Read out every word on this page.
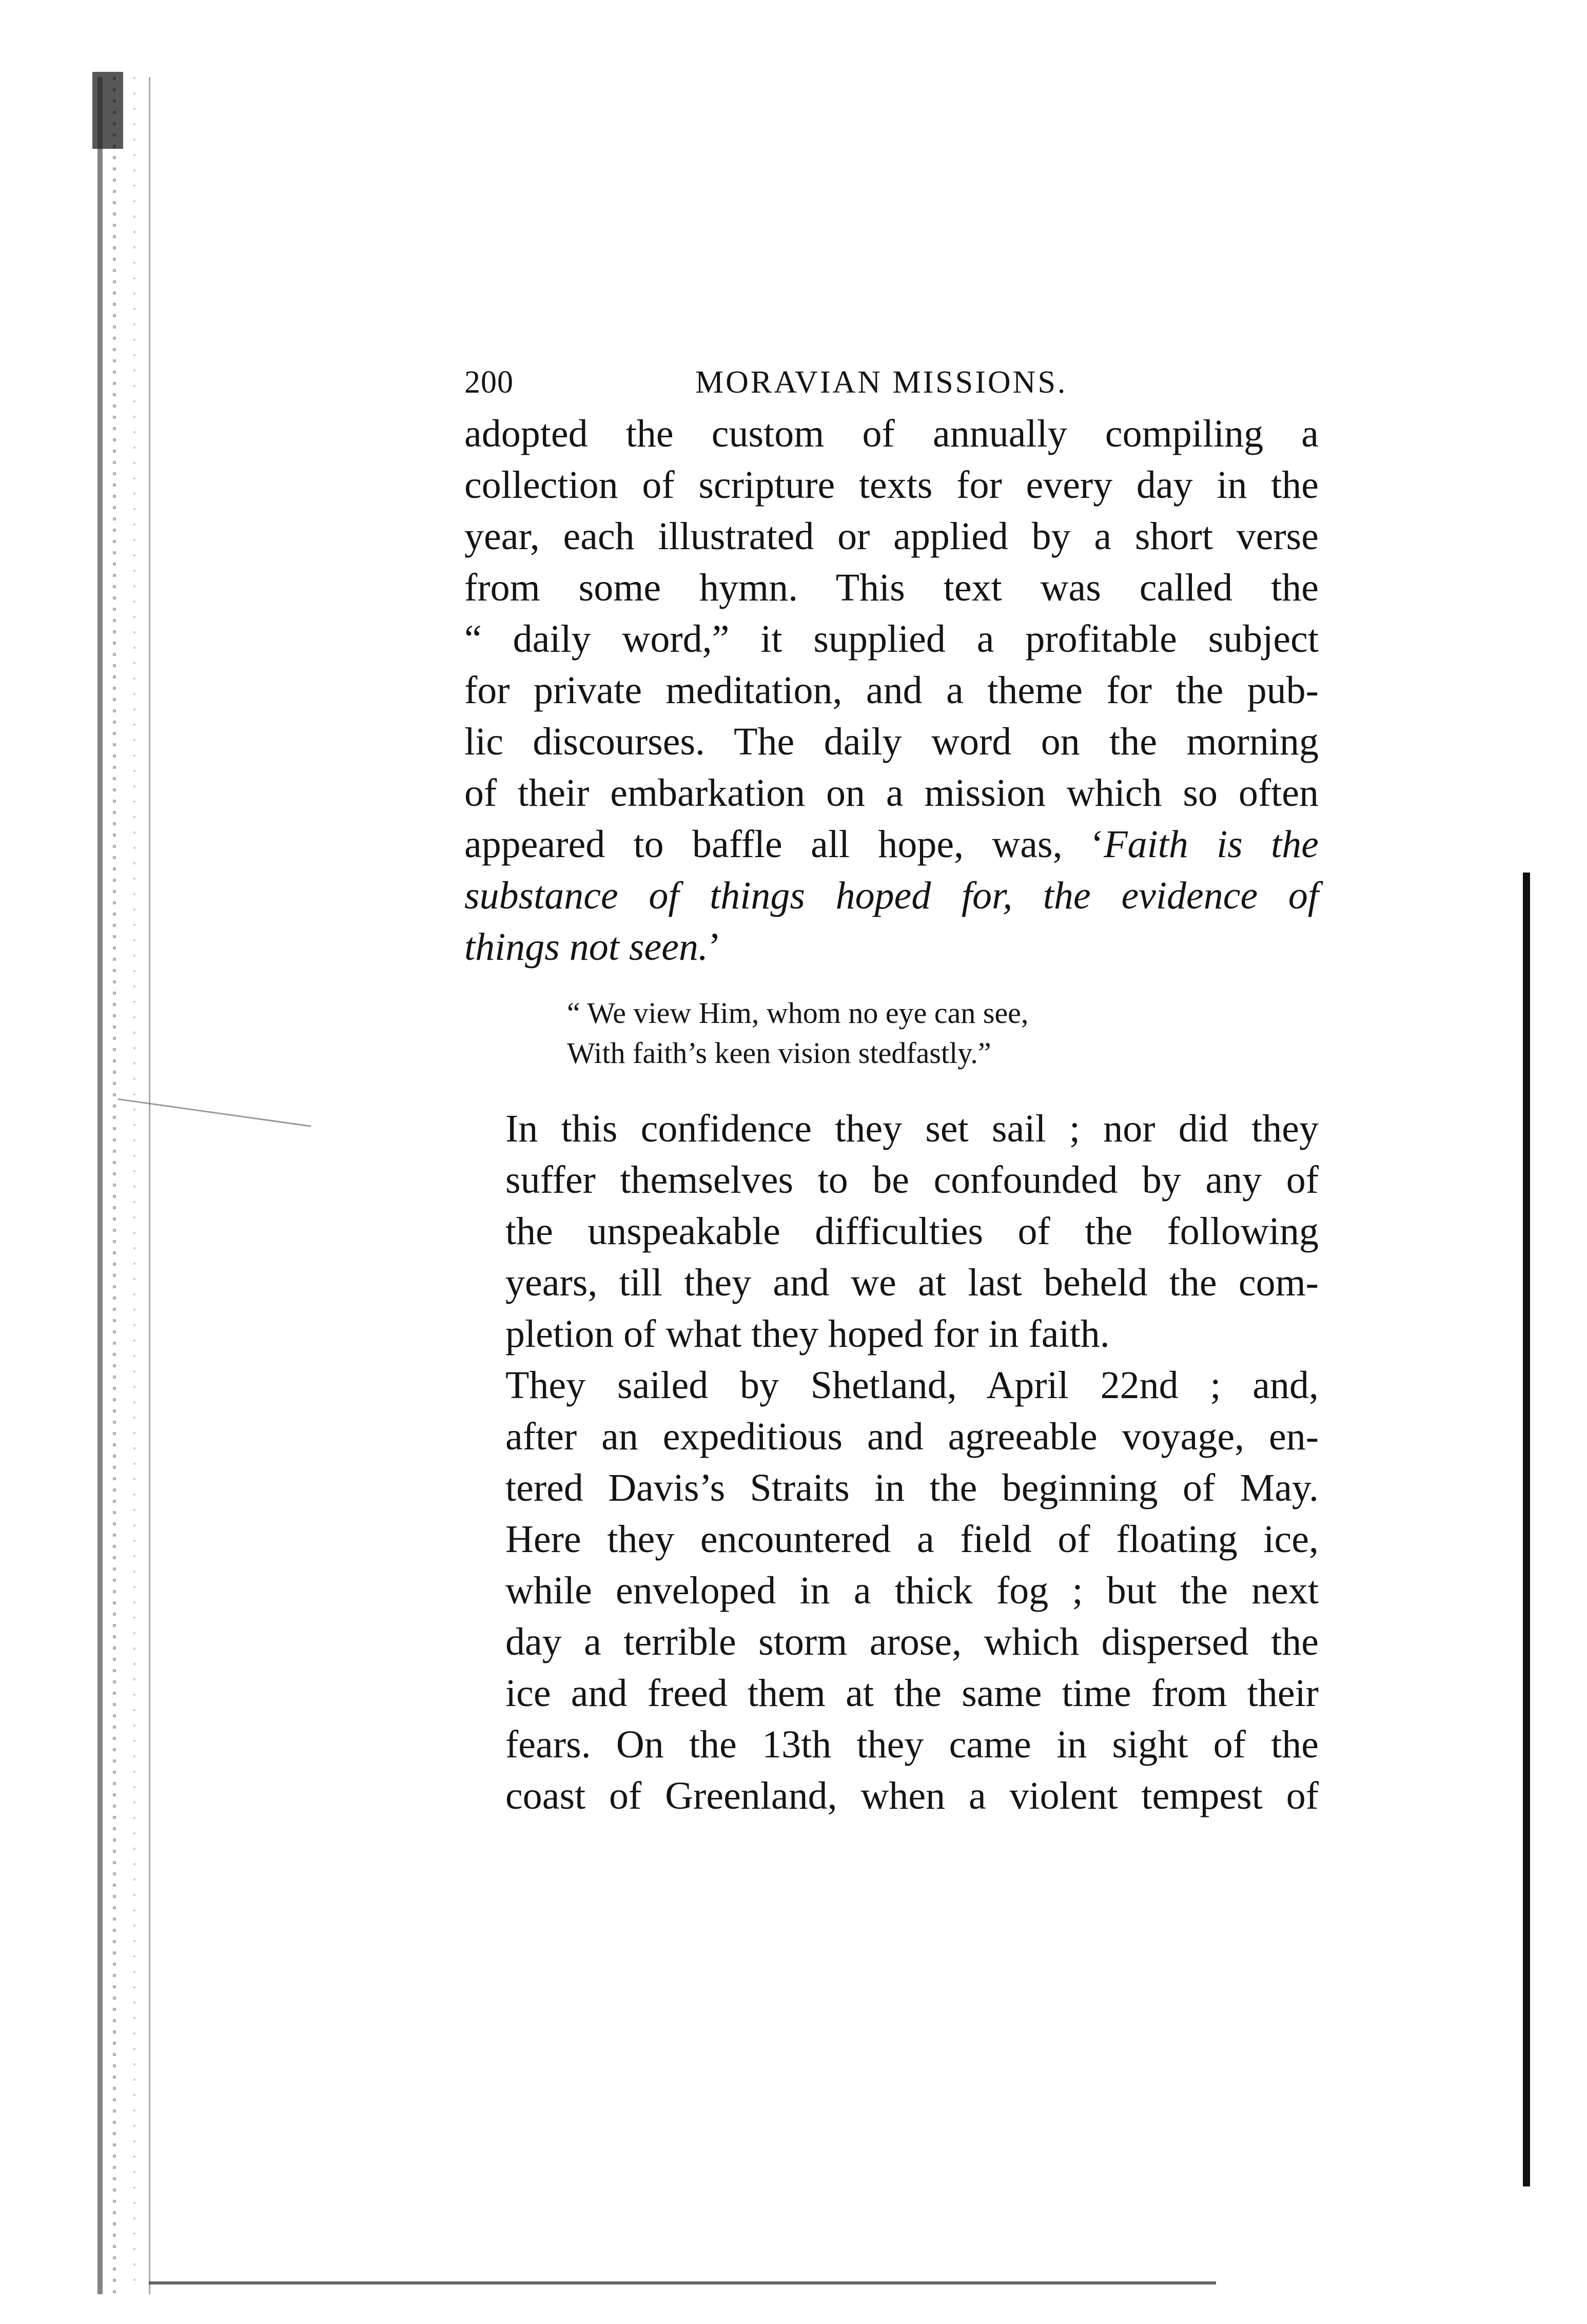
200	MORAVIAN MISSIONS.

adopted the custom of annually compiling a
collection of scripture texts for every day in the
year, each illustrated or applied by a short verse
from some hymn. This text was called the
“ daily word,” it supplied a profitable subject
for private meditation, and a theme for the pub-
lic discourses. The daily word on the morning
of their embarkation on a mission which so often
appeared to baffle all hope, was, ‘Faith is the
substance of things hoped for, the evidence of
things not seen.’

“ We view Him, whom no eye can see,
With faith’s keen vision stedfastly.”

In this confidence they set sail ; nor did they
suffer themselves to be confounded by any of
the unspeakable difficulties of the following
years, till they and we at last beheld the com-
pletion of what they hoped for in faith.

They sailed by Shetland, April 22nd ; and,
after an expeditious and agreeable voyage, en-
tered Davis’s Straits in the beginning of May.
Here they encountered a field of floating ice,
while enveloped in a thick fog ; but the next
day a terrible storm arose, which dispersed the
ice and freed them at the same time from their
fears. On the 13th they came in sight of the
coast of Greenland, when a violent tempest of
